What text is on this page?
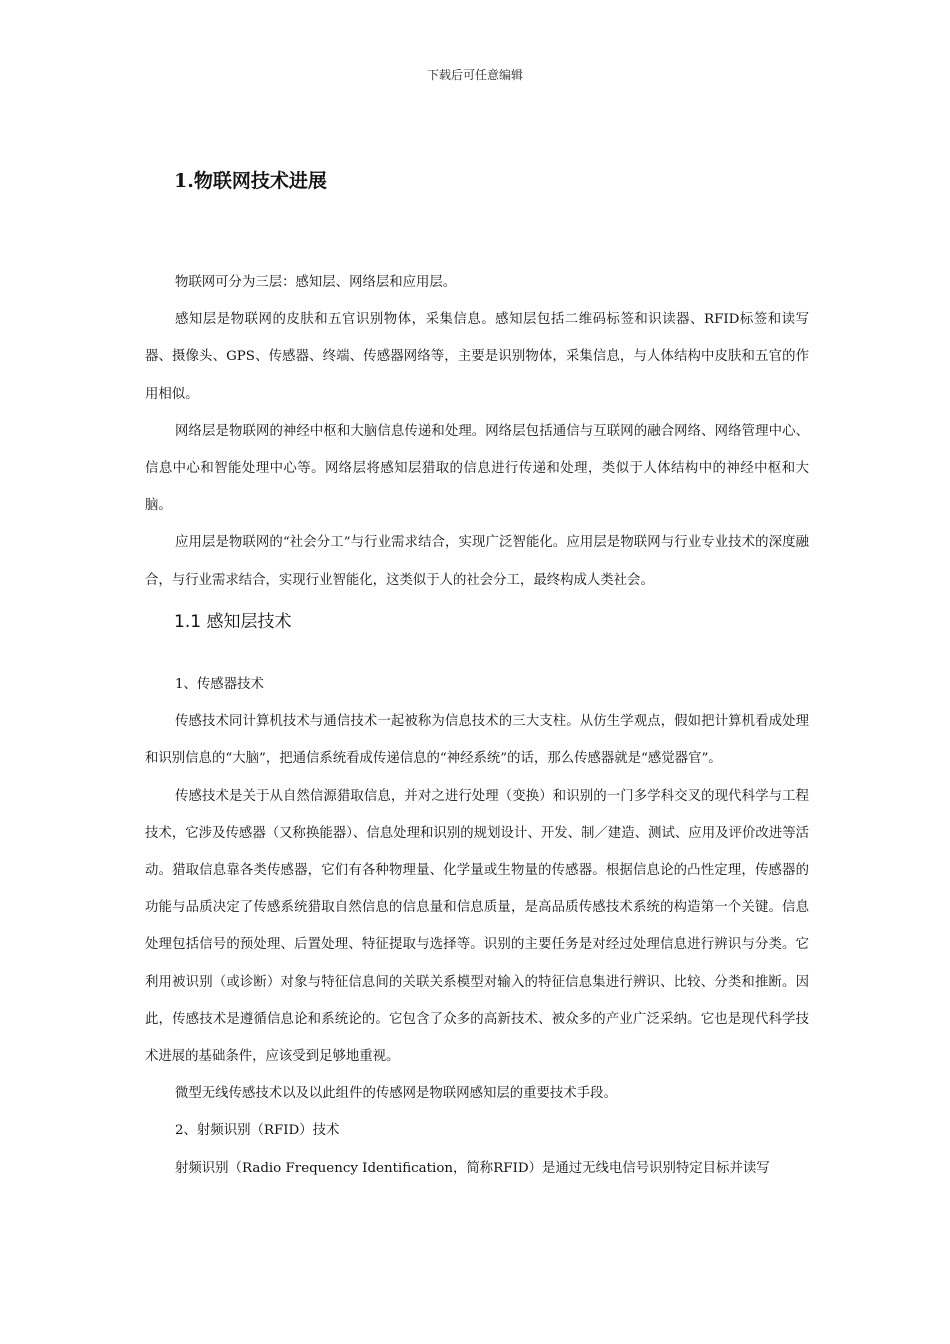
下载后可任意编辑
1.物联网技术进展

物联网可分为三层：感知层、网络层和应用层。

感知层是物联网的皮肤和五官识别物体，采集信息。感知层包括二维码标签和识读器、RFID标签和读写器、摄像头、GPS、传感器、终端、传感器网络等，主要是识别物体，采集信息，与人体结构中皮肤和五官的作用相似。

网络层是物联网的神经中枢和大脑信息传递和处理。网络层包括通信与互联网的融合网络、网络管理中心、信息中心和智能处理中心等。网络层将感知层猎取的信息进行传递和处理，类似于人体结构中的神经中枢和大脑。

应用层是物联网的“社会分工”与行业需求结合，实现广泛智能化。应用层是物联网与行业专业技术的深度融合，与行业需求结合，实现行业智能化，这类似于人的社会分工，最终构成人类社会。

1.1 感知层技术

1、传感器技术

传感技术同计算机技术与通信技术一起被称为信息技术的三大支柱。从仿生学观点，假如把计算机看成处理和识别信息的“大脑”，把通信系统看成传递信息的“神经系统”的话，那么传感器就是“感觉器官”。

传感技术是关于从自然信源猎取信息，并对之进行处理（变换）和识别的一门多学科交叉的现代科学与工程技术，它涉及传感器（又称换能器）、信息处理和识别的规划设计、开发、制／建造、测试、应用及评价改进等活动。猎取信息靠各类传感器，它们有各种物理量、化学量或生物量的传感器。根据信息论的凸性定理，传感器的功能与品质决定了传感系统猎取自然信息的信息量和信息质量，是高品质传感技术系统的构造第一个关键。信息处理包括信号的预处理、后置处理、特征提取与选择等。识别的主要任务是对经过处理信息进行辨识与分类。它利用被识别（或诊断）对象与特征信息间的关联关系模型对输入的特征信息集进行辨识、比较、分类和推断。因此，传感技术是遵循信息论和系统论的。它包含了众多的高新技术、被众多的产业广泛采纳。它也是现代科学技术进展的基础条件，应该受到足够地重视。

微型无线传感技术以及以此组件的传感网是物联网感知层的重要技术手段。

2、射频识别（RFID）技术

射频识别（Radio Frequency Identification，简称RFID）是通过无线电信号识别特定目标并读写
